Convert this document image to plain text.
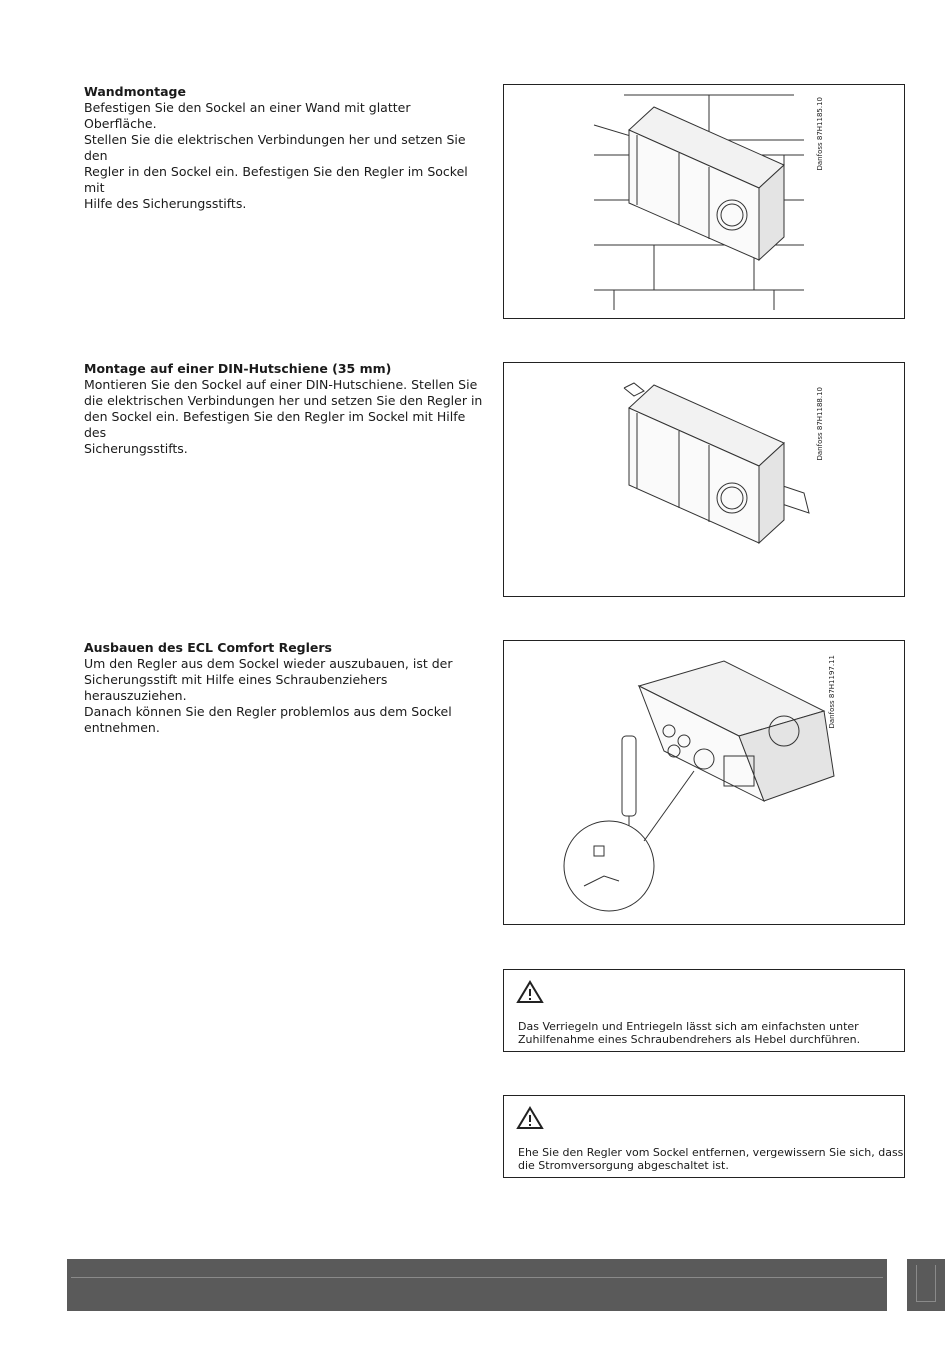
Wandmontage

Befestigen Sie den Sockel an einer Wand mit glatter Oberfläche.
Stellen Sie die elektrischen Verbindungen her und setzen Sie den
Regler in den Sockel ein. Befestigen Sie den Regler im Sockel mit
Hilfe des Sicherungsstifts.

Montage auf einer DIN-Hutschiene (35 mm)

Montieren Sie den Sockel auf einer DIN-Hutschiene. Stellen Sie
die elektrischen Verbindungen her und setzen Sie den Regler in
den Sockel ein. Befestigen Sie den Regler im Sockel mit Hilfe des
Sicherungsstifts.

Ausbauen des ECL Comfort Reglers

Um den Regler aus dem Sockel wieder auszubauen, ist der
Sicherungsstift mit Hilfe eines Schraubenziehers herauszuziehen.
Danach können Sie den Regler problemlos aus dem Sockel
entnehmen.

Danfoss 87H1185.10
Danfoss 87H1188.10
Danfoss 87H1197.11

Das Verriegeln und Entriegeln lässt sich am einfachsten unter
Zuhilfenahme eines Schraubendrehers als Hebel durchführen.

Ehe Sie den Regler vom Sockel entfernen, vergewissern Sie sich, dass
die Stromversorgung abgeschaltet ist.
